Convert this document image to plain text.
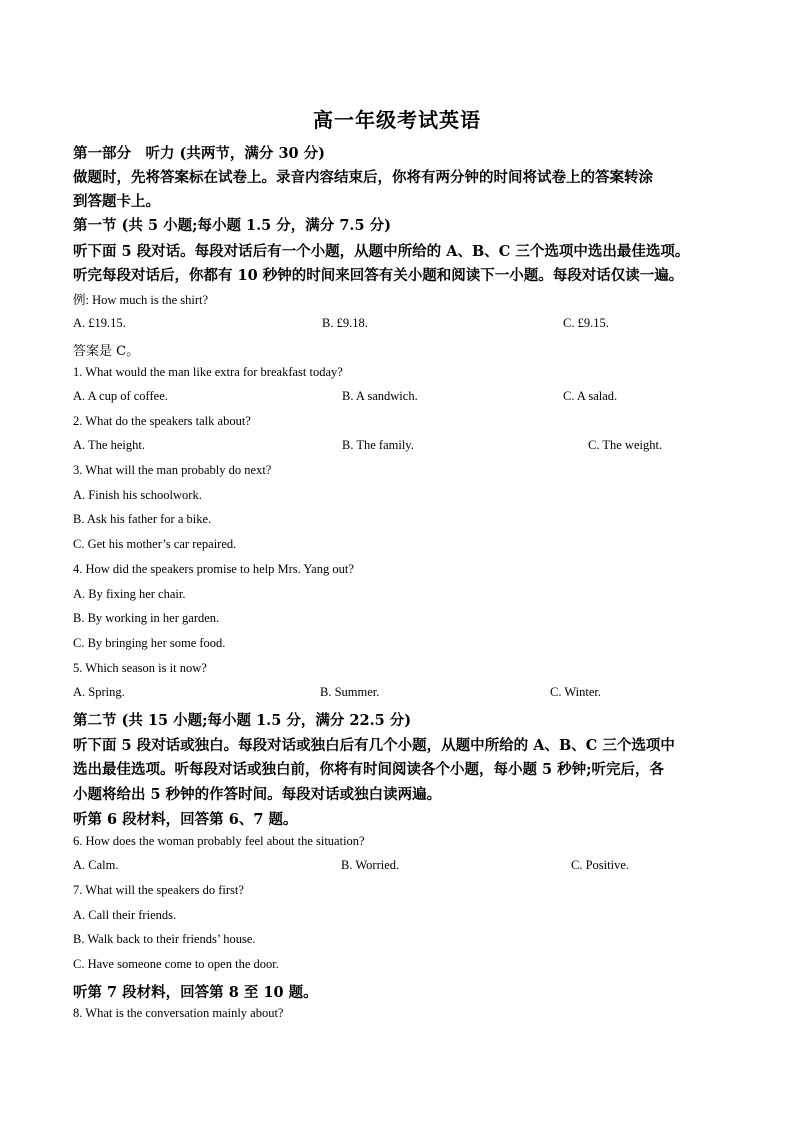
高一年级考试英语
第一部分　听力 (共两节，满分 30 分)
做题时，先将答案标在试卷上。录音内容结束后，你将有两分钟的时间将试卷上的答案转涂
到答题卡上。
第一节 (共 5 小题;每小题 1.5 分，满分 7.5 分)
听下面 5 段对话。每段对话后有一个小题，从题中所给的 A、B、C 三个选项中选出最佳选项。
听完每段对话后，你都有 10 秒钟的时间来回答有关小题和阅读下一小题。每段对话仅读一遍。
例: How much is the shirt?
A. £19.15.	B. £9.18.	C. £9.15.
答案是 C。
1. What would the man like extra for breakfast today?
A. A cup of coffee.	B. A sandwich.	C. A salad.
2. What do the speakers talk about?
A. The height.	B. The family.	C. The weight.
3. What will the man probably do next?
A. Finish his schoolwork.
B. Ask his father for a bike.
C. Get his mother’s car repaired.
4. How did the speakers promise to help Mrs. Yang out?
A. By fixing her chair.
B. By working in her garden.
C. By bringing her some food.
5. Which season is it now?
A. Spring.	B. Summer.	C. Winter.
第二节 (共 15 小题;每小题 1.5 分，满分 22.5 分)
听下面 5 段对话或独白。每段对话或独白后有几个小题，从题中所给的 A、B、C 三个选项中
选出最佳选项。听每段对话或独白前，你将有时间阅读各个小题，每小题 5 秒钟;听完后，各
小题将给出 5 秒钟的作答时间。每段对话或独白读两遍。
听第 6 段材料，回答第 6、7 题。
6. How does the woman probably feel about the situation?
A. Calm.	B. Worried.	C. Positive.
7. What will the speakers do first?
A. Call their friends.
B. Walk back to their friends’ house.
C. Have someone come to open the door.
听第 7 段材料，回答第 8 至 10 题。
8. What is the conversation mainly about?
